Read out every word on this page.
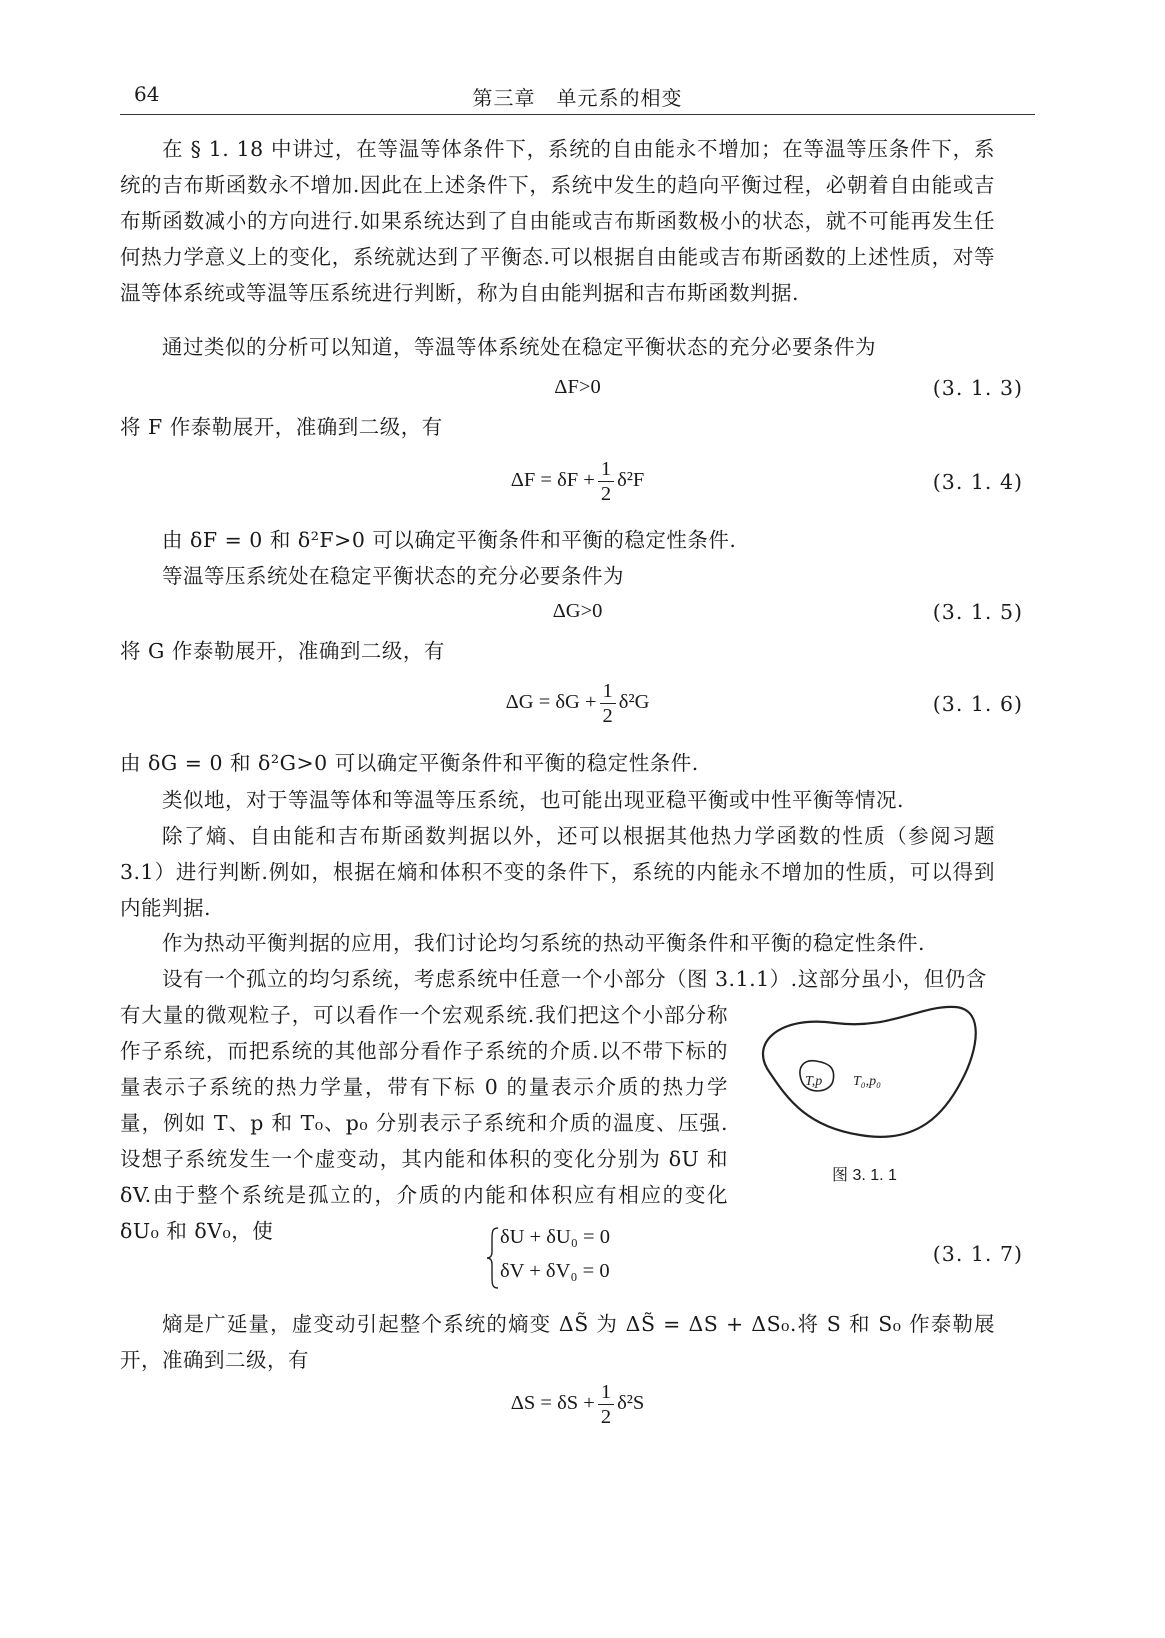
64	第三章　单元系的相变
在 § 1. 18 中讲过，在等温等体条件下，系统的自由能永不增加；在等温等压条件下，系统的吉布斯函数永不增加.因此在上述条件下，系统中发生的趋向平衡过程，必朝着自由能或吉布斯函数减小的方向进行.如果系统达到了自由能或吉布斯函数极小的状态，就不可能再发生任何热力学意义上的变化，系统就达到了平衡态.可以根据自由能或吉布斯函数的上述性质，对等温等体系统或等温等压系统进行判断，称为自由能判据和吉布斯函数判据.
通过类似的分析可以知道，等温等体系统处在稳定平衡状态的充分必要条件为
ΔF>0	(3. 1. 3)
将 F 作泰勒展开，准确到二级，有
$\Delta F = \delta F + \frac{1}{2} \delta^2F$	(3. 1. 4)
由 δF = 0 和 δ²F>0 可以确定平衡条件和平衡的稳定性条件.
等温等压系统处在稳定平衡状态的充分必要条件为
ΔG>0	(3. 1. 5)
将 G 作泰勒展开，准确到二级，有
$\Delta G = \delta G + \frac{1}{2} \delta^2G$	(3. 1. 6)
由 δG = 0 和 δ²G>0 可以确定平衡条件和平衡的稳定性条件.
类似地，对于等温等体和等温等压系统，也可能出现亚稳平衡或中性平衡等情况.
除了熵、自由能和吉布斯函数判据以外，还可以根据其他热力学函数的性质（参阅习题 3.1）进行判断.例如，根据在熵和体积不变的条件下，系统的内能永不增加的性质，可以得到内能判据.
作为热动平衡判据的应用，我们讨论均匀系统的热动平衡条件和平衡的稳定性条件.
设有一个孤立的均匀系统，考虑系统中任意一个小部分（图 3.1.1）.这部分虽小，但仍含
有大量的微观粒子，可以看作一个宏观系统.我们把这个小部分称作子系统，而把系统的其他部分看作子系统的介质.以不带下标的量表示子系统的热力学量，带有下标 0 的量表示介质的热力学量，例如 T、p 和 T₀、p₀ 分别表示子系统和介质的温度、压强.设想子系统发生一个虚变动，其内能和体积的变化分别为 δU 和 δV.由于整个系统是孤立的，介质的内能和体积应有相应的变化 δU₀ 和 δV₀，使
T,p T₀,p₀
图 3. 1. 1
δU + δU₀ = 0
δV + δV₀ = 0
(3. 1. 7)
熵是广延量，虚变动引起整个系统的熵变 ΔS̃ 为 ΔS̃ = ΔS + ΔS₀.将 S 和 S₀ 作泰勒展开，准确到二级，有
$\Delta S = \delta S + \frac{1}{2} \delta^2S$
